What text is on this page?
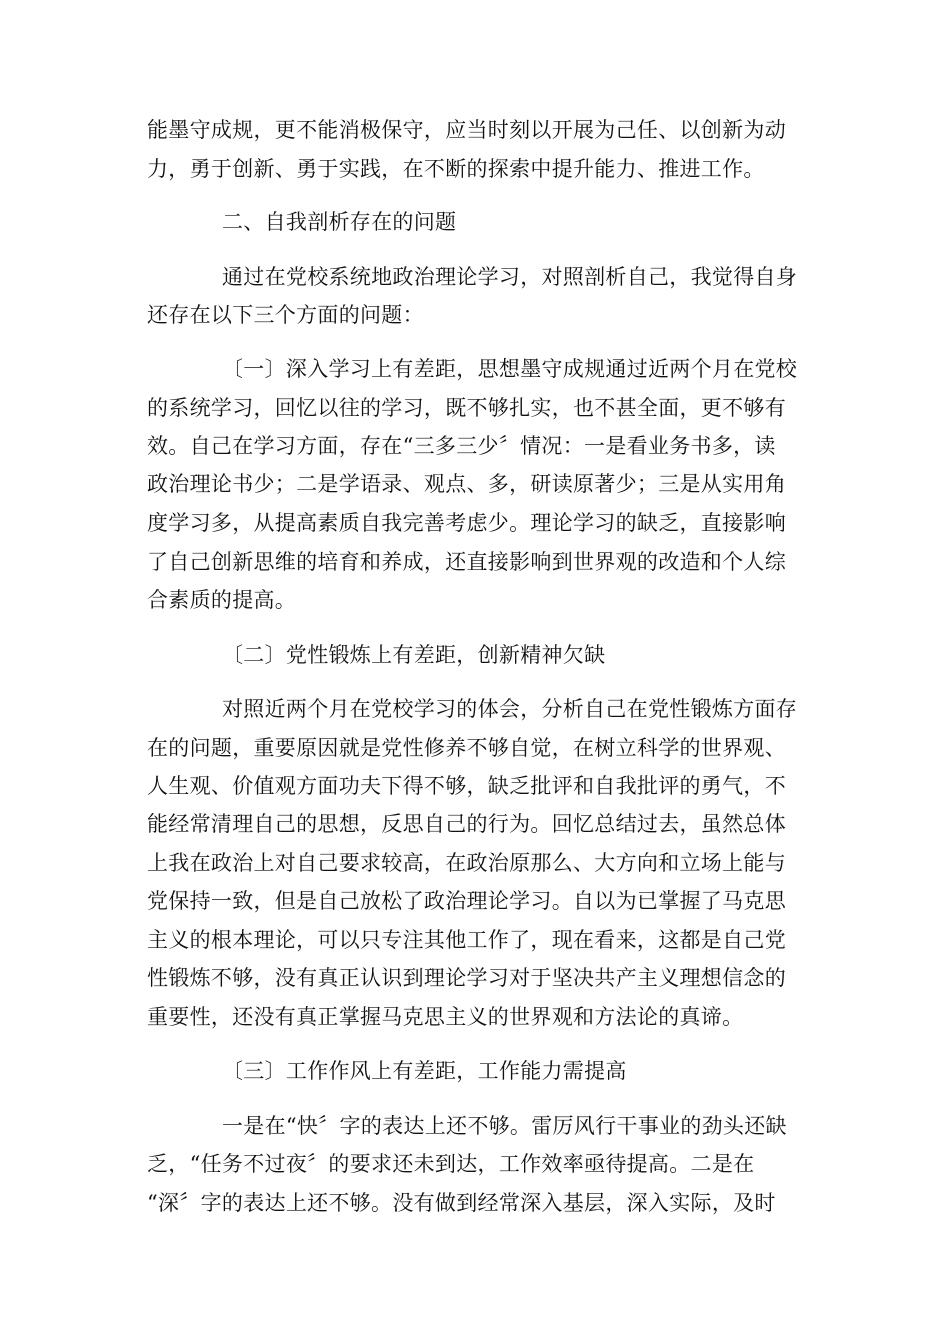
能墨守成规，更不能消极保守，应当时刻以开展为己任、以创新为动

力，勇于创新、勇于实践，在不断的探索中提升能力、推进工作。

二、自我剖析存在的问题

通过在党校系统地政治理论学习，对照剖析自己，我觉得自身

还存在以下三个方面的问题：

〔一〕深入学习上有差距，思想墨守成规通过近两个月在党校

的系统学习，回忆以往的学习，既不够扎实，也不甚全面，更不够有

效。自己在学习方面，存在“三多三少〞情况：一是看业务书多，读

政治理论书少；二是学语录、观点、多，研读原著少；三是从实用角

度学习多，从提高素质自我完善考虑少。理论学习的缺乏，直接影响

了自己创新思维的培育和养成，还直接影响到世界观的改造和个人综

合素质的提高。

〔二〕党性锻炼上有差距，创新精神欠缺

对照近两个月在党校学习的体会，分析自己在党性锻炼方面存

在的问题，重要原因就是党性修养不够自觉，在树立科学的世界观、

人生观、价值观方面功夫下得不够，缺乏批评和自我批评的勇气，不

能经常清理自己的思想，反思自己的行为。回忆总结过去，虽然总体

上我在政治上对自己要求较高，在政治原那么、大方向和立场上能与

党保持一致，但是自己放松了政治理论学习。自以为已掌握了马克思

主义的根本理论，可以只专注其他工作了，现在看来，这都是自己党

性锻炼不够，没有真正认识到理论学习对于坚决共产主义理想信念的

重要性，还没有真正掌握马克思主义的世界观和方法论的真谛。

〔三〕工作作风上有差距，工作能力需提高

一是在“快〞字的表达上还不够。雷厉风行干事业的劲头还缺

乏，“任务不过夜〞的要求还未到达，工作效率亟待提高。二是在

“深〞字的表达上还不够。没有做到经常深入基层，深入实际，及时
